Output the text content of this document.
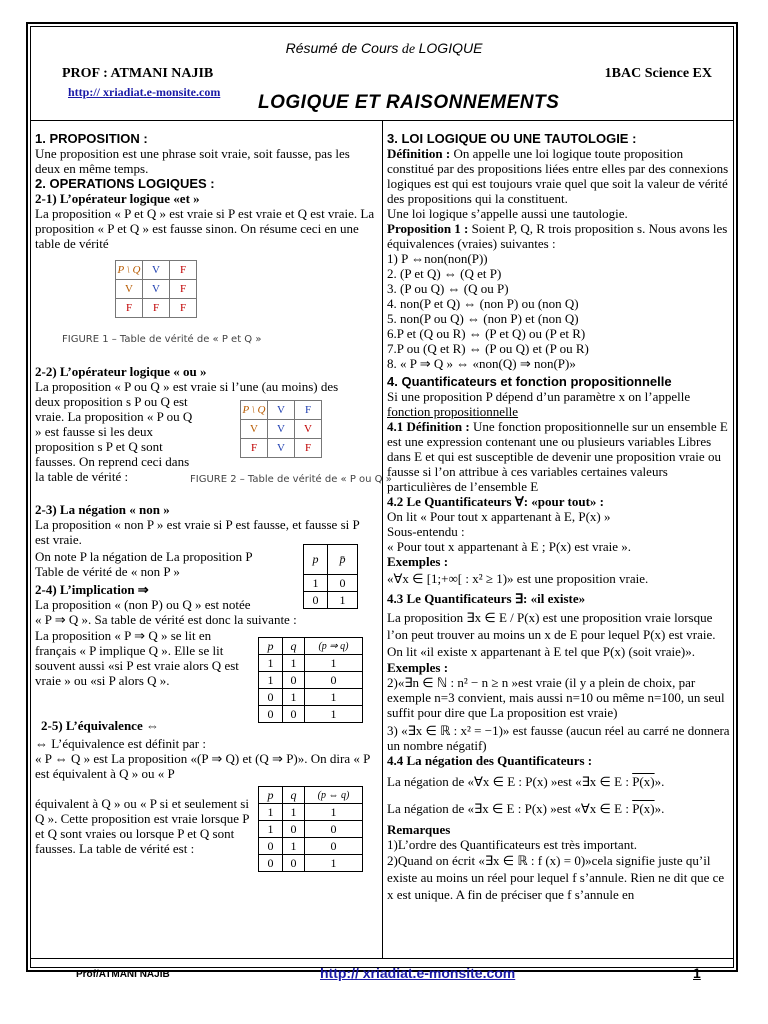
Résumé de Cours de LOGIQUE
PROF : ATMANI NAJIB	1BAC Science EX
http:// xriadiat.e-monsite.com LOGIQUE ET RAISONNEMENTS

1. PROPOSITION :

Une proposition est une phrase soit vraie, soit fausse, pas les deux en même temps.

2. OPERATIONS LOGIQUES :

2-1) L’opérateur logique «et »

La proposition « P et Q » est vraie si P est vraie et Q est vraie. La proposition « P et Q » est fausse sinon. On résume ceci en une table de vérité

P \ Q	V	F
V	V	F
F	F	F
FIGURE 1 – Table de vérité de « P et Q »

2-2) L’opérateur logique « ou »

La proposition « P ou Q » est vraie si l’une (au moins) des

deux proposition s P ou Q est vraie. La proposition « P ou Q » est fausse si les deux proposition s P et Q sont fausses. On reprend ceci dans la table de vérité :

P \ Q	V	F
V	V	V
F	V	F
FIGURE 2 – Table de vérité de « P ou Q »

2-3) La négation « non »

La proposition « non P » est vraie si P est fausse, et fausse si P est vraie.

On note P la négation de La proposition P

Table de vérité de « non P »

p	p̄
1	0
0	1

2-4) L’implication ⇒

La proposition « (non P) ou Q » est notée

« P ⇒ Q ». Sa table de vérité est donc la suivante :

La proposition « P ⇒ Q » se lit en français « P implique Q ». Elle se lit souvent aussi «si P est vraie alors Q est vraie » ou «si P alors Q ».

p	q	(p ⇒ q)
1	1	1
1	0	0
0	1	1
0	0	1

2-5) L’équivalence ⇔

⇔ L’équivalence est définit par :

« P ⇔ Q » est La proposition «(P ⇒ Q) et (Q ⇒ P)». On dira « P est équivalent à Q » ou « P

équivalent à Q » ou « P si et seulement si Q ». Cette proposition est vraie lorsque P et Q sont vraies ou lorsque P et Q sont fausses. La table de vérité est :

p	q	(p ⇔ q)
1	1	1
1	0	0
0	1	0
0	0	1

3. LOI LOGIQUE OU UNE TAUTOLOGIE :

Définition : On appelle une loi logique toute proposition constitué par des propositions liées entre elles par des connexions logiques est qui est toujours vraie quel que soit la valeur de vérité des propositions qui la constituent.

Une loi logique s’appelle aussi une tautologie.

Proposition 1 : Soient P, Q, R trois proposition s. Nous avons les équivalences (vraies) suivantes :

1) P ⇔non(non(P))

2. (P et Q) ⇔ (Q et P)

3. (P ou Q) ⇔ (Q ou P)

4. non(P et Q) ⇔ (non P) ou (non Q)

5. non(P ou Q) ⇔ (non P) et (non Q)

6.P et (Q ou R) ⇔ (P et Q) ou (P et R)

7.P ou (Q et R) ⇔ (P ou Q) et (P ou R)

8. « P ⇒ Q » ⇔ «non(Q) ⇒ non(P)»

4. Quantificateurs et fonction propositionnelle

Si une proposition P dépend d’un paramètre x on l’appelle

fonction propositionnelle

4.1 Définition : Une fonction propositionnelle sur un ensemble E est une expression contenant une ou plusieurs variables Libres dans E et qui est susceptible de devenir une proposition vraie ou fausse si l’on attribue à ces variables certaines valeurs particulières de l’ensemble E

4.2 Le Quantificateurs ∀: «pour tout» :

On lit « Pour tout x appartenant à E, P(x) »

Sous-entendu :

« Pour tout x appartenant à E ; P(x) est vraie ».

Exemples :

«∀x ∈ [1;+∞[ : x² ≥ 1)» est une proposition vraie.

4.3 Le Quantificateurs ∃: «il existe»

La proposition ∃x ∈ E / P(x) est une proposition vraie lorsque l’on peut trouver au moins un x de E pour lequel P(x) est vraie. On lit «il existe x appartenant à E tel que P(x) (soit vraie)».

Exemples :

2)«∃n ∈ ℕ : n² − n ≥ n »est vraie (il y a plein de choix, par exemple n=3 convient, mais aussi n=10 ou même n=100, un seul suffit pour dire que La proposition est vraie)

3) «∃x ∈ ℝ : x² = −1)» est fausse (aucun réel au carré ne donnera un nombre négatif)

4.4 La négation des Quantificateurs :

La négation de «∀x ∈ E : P(x) »est «∃x ∈ E : P(x)».

La négation de «∃x ∈ E : P(x) »est «∀x ∈ E : P(x)».

Remarques

1)L’ordre des Quantificateurs est très important.

2)Quand on écrit «∃x ∈ ℝ : f (x) = 0)»cela signifie juste qu’il existe au moins un réel pour lequel f s’annule. Rien ne dit que ce x est unique. A fin de préciser que f s’annule en

Prof/ATMANI NAJIB	http:// xriadiat.e-monsite.com	1
